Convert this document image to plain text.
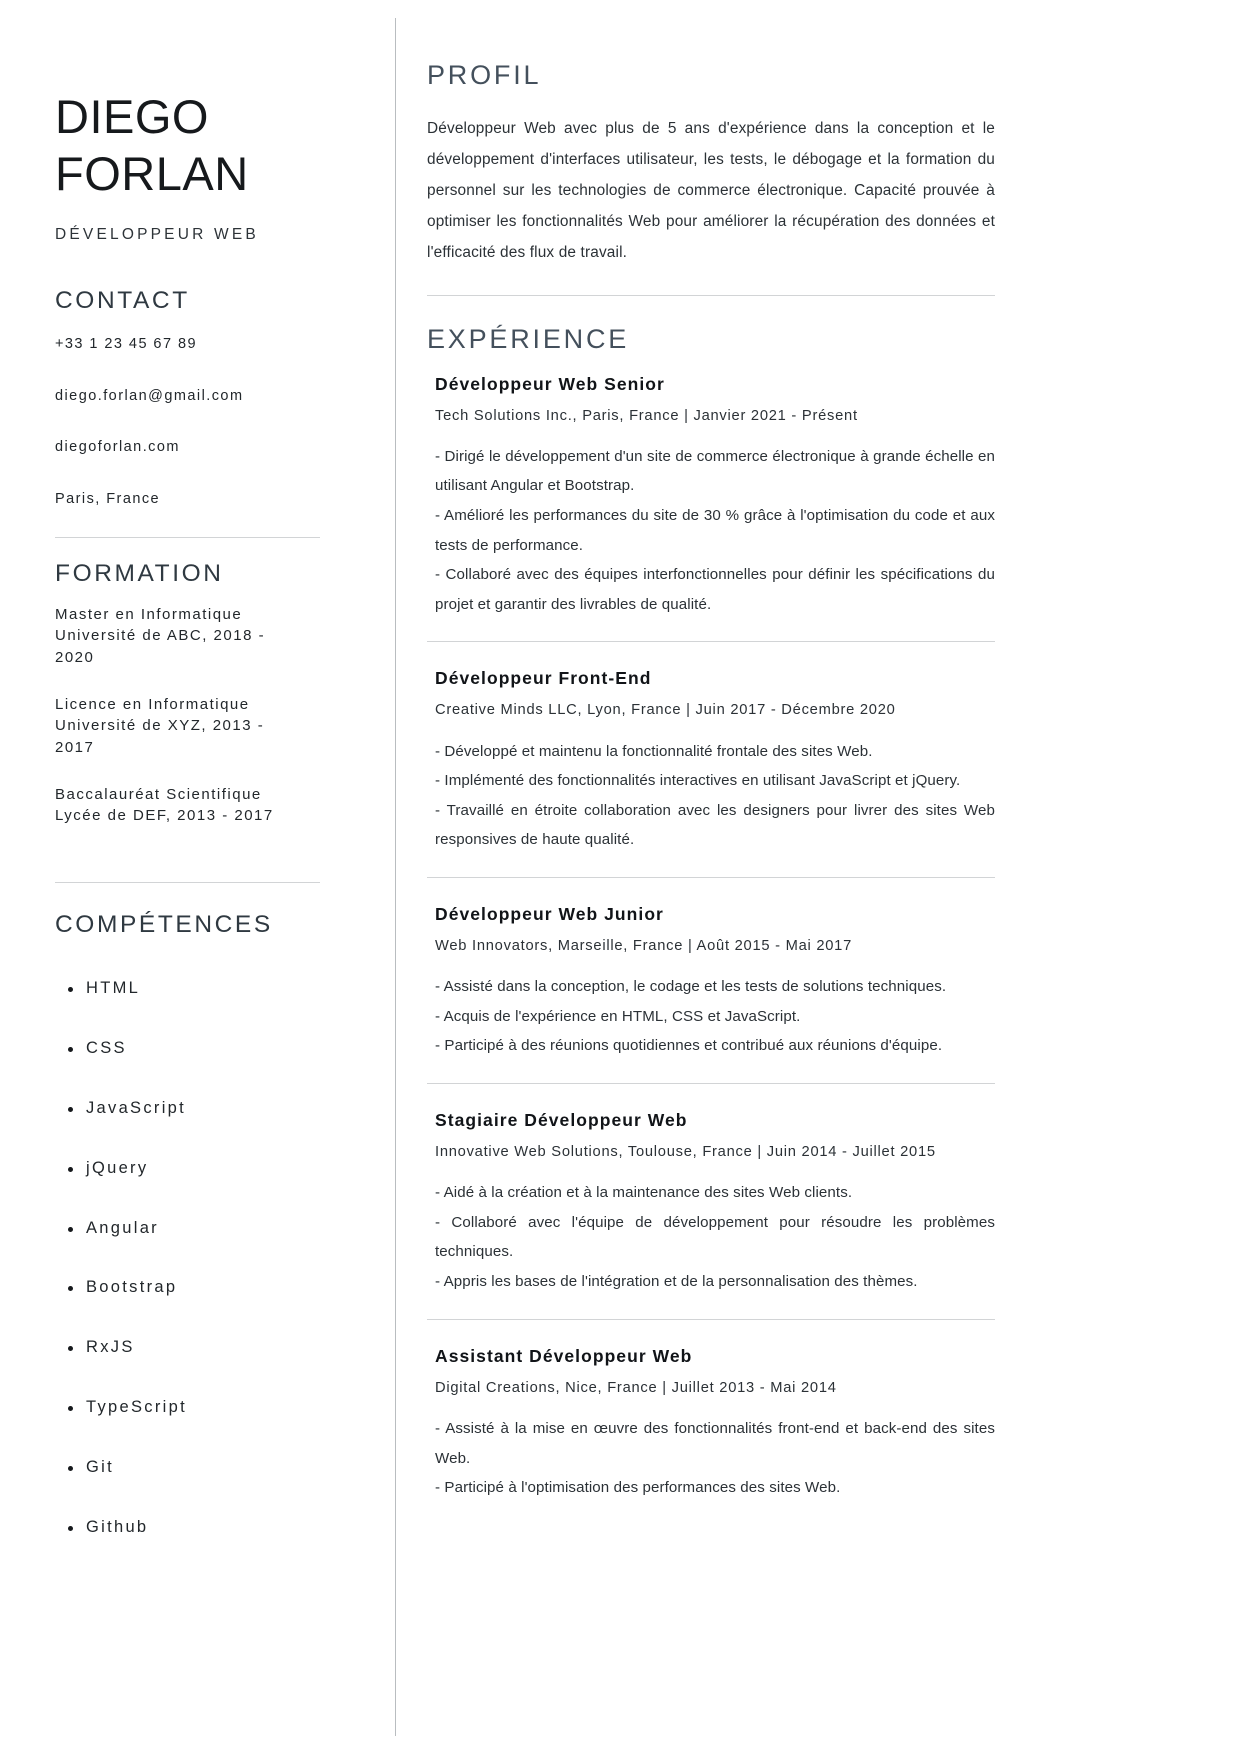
DIEGO
FORLAN
DÉVELOPPEUR WEB
CONTACT
+33 1 23 45 67 89
diego.forlan@gmail.com
diegoforlan.com
Paris, France
FORMATION
Master en Informatique
Université de ABC, 2018 -
2020
Licence en Informatique
Université de XYZ, 2013 -
2017
Baccalauréat Scientifique
Lycée de DEF, 2013 - 2017
COMPÉTENCES
HTML
CSS
JavaScript
jQuery
Angular
Bootstrap
RxJS
TypeScript
Git
Github
PROFIL

Développeur Web avec plus de 5 ans d'expérience dans la conception et le développement d'interfaces utilisateur, les tests, le débogage et la formation du personnel sur les technologies de commerce électronique. Capacité prouvée à optimiser les fonctionnalités Web pour améliorer la récupération des données et l'efficacité des flux de travail.

EXPÉRIENCE
Développeur Web Senior
Tech Solutions Inc., Paris, France | Janvier 2021 - Présent
- Dirigé le développement d'un site de commerce électronique à grande échelle en utilisant Angular et Bootstrap.
- Amélioré les performances du site de 30 % grâce à l'optimisation du code et aux tests de performance.
- Collaboré avec des équipes interfonctionnelles pour définir les spécifications du projet et garantir des livrables de qualité.
Développeur Front-End
Creative Minds LLC, Lyon, France | Juin 2017 - Décembre 2020
- Développé et maintenu la fonctionnalité frontale des sites Web.
- Implémenté des fonctionnalités interactives en utilisant JavaScript et jQuery.
- Travaillé en étroite collaboration avec les designers pour livrer des sites Web responsives de haute qualité.
Développeur Web Junior
Web Innovators, Marseille, France | Août 2015 - Mai 2017
- Assisté dans la conception, le codage et les tests de solutions techniques.
- Acquis de l'expérience en HTML, CSS et JavaScript.
- Participé à des réunions quotidiennes et contribué aux réunions d'équipe.
Stagiaire Développeur Web
Innovative Web Solutions, Toulouse, France | Juin 2014 - Juillet 2015
- Aidé à la création et à la maintenance des sites Web clients.
- Collaboré avec l'équipe de développement pour résoudre les problèmes techniques.
- Appris les bases de l'intégration et de la personnalisation des thèmes.
Assistant Développeur Web
Digital Creations, Nice, France | Juillet 2013 - Mai 2014
- Assisté à la mise en œuvre des fonctionnalités front-end et back-end des sites Web.
- Participé à l'optimisation des performances des sites Web.
